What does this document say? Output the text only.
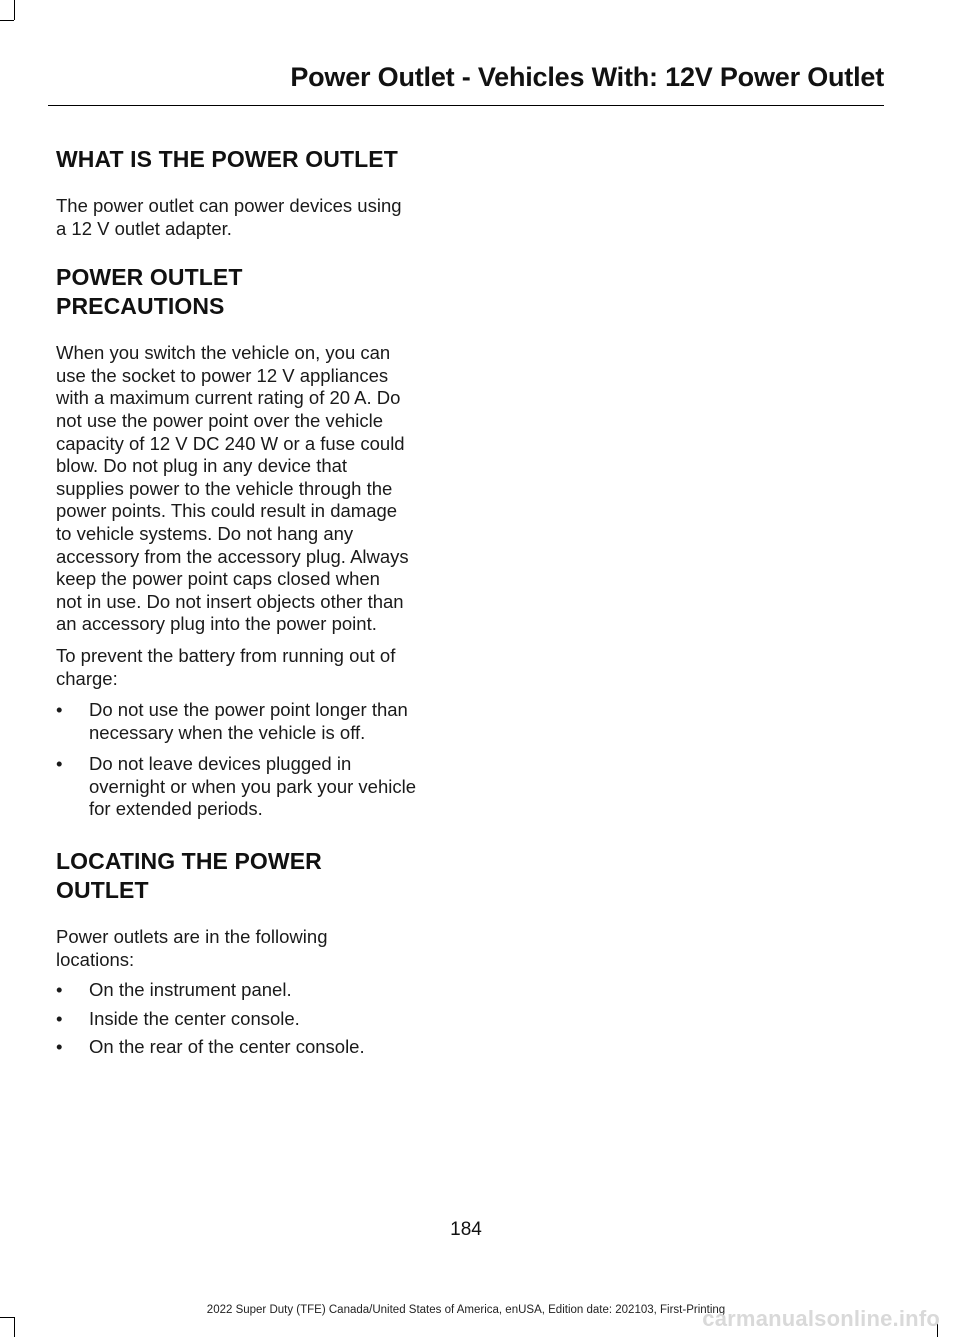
Power Outlet - Vehicles With: 12V Power Outlet
WHAT IS THE POWER OUTLET

The power outlet can power devices using
a 12 V outlet adapter.

POWER OUTLET
PRECAUTIONS

When you switch the vehicle on, you can
use the socket to power 12 V appliances
with a maximum current rating of 20 A. Do
not use the power point over the vehicle
capacity of 12 V DC 240 W or a fuse could
blow. Do not plug in any device that
supplies power to the vehicle through the
power points. This could result in damage
to vehicle systems. Do not hang any
accessory from the accessory plug. Always
keep the power point caps closed when
not in use. Do not insert objects other than
an accessory plug into the power point.

To prevent the battery from running out of
charge:

• Do not use the power point longer than
necessary when the vehicle is off.
• Do not leave devices plugged in
overnight or when you park your vehicle
for extended periods.
LOCATING THE POWER
OUTLET

Power outlets are in the following
locations:

• On the instrument panel.
• Inside the center console.
• On the rear of the center console.
184
2022 Super Duty (TFE) Canada/United States of America, enUSA, Edition date: 202103, First-Printing
carmanualsonline.info
